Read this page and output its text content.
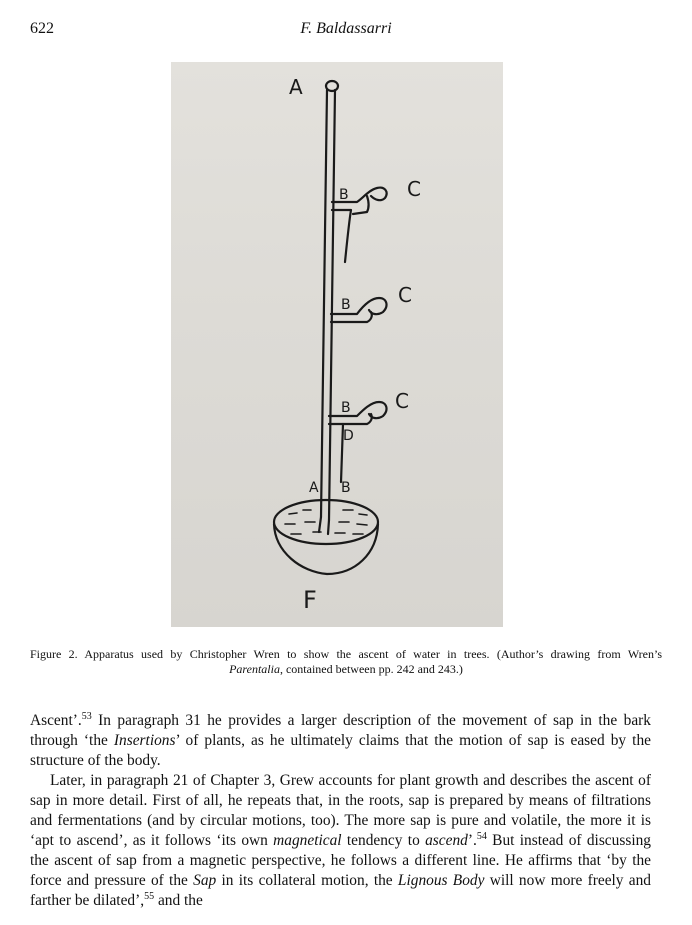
622	F. Baldassarri
A
C
C
C
F
B
B
B
D
A B
Figure 2. Apparatus used by Christopher Wren to show the ascent of water in trees. (Author’s drawing from Wren’s
Parentalia, contained between pp. 242 and 243.)

Ascent’.$^{53}$ In paragraph 31 he provides a larger description of the movement of sap in the bark through ‘the Insertions’ of plants, as he ultimately claims that the motion of sap is eased by the structure of the body.

Later, in paragraph 21 of Chapter 3, Grew accounts for plant growth and describes the ascent of sap in more detail. First of all, he repeats that, in the roots, sap is prepared by means of filtrations and fermentations (and by circular motions, too). The more sap is pure and volatile, the more it is ‘apt to ascend’, as it follows ‘its own magnetical tendency to ascend’.$^{54}$ But instead of discussing the ascent of sap from a magnetic perspective, he follows a different line. He affirms that ‘by the force and pressure of the Sap in its collateral motion, the Lignous Body will now more freely and farther be dilated’,$^{55}$ and the
